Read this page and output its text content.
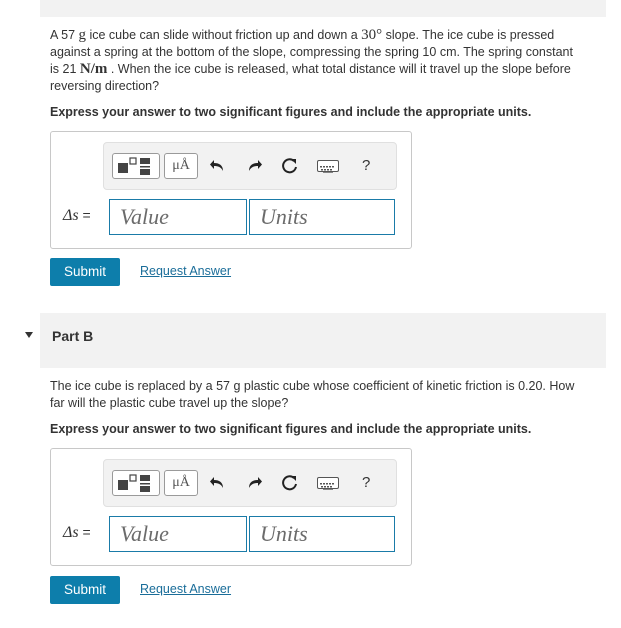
A 57 g ice cube can slide without friction up and down a 30° slope. The ice cube is pressed
against a spring at the bottom of the slope, compressing the spring 10 cm. The spring constant
is 21 N/m . When the ice cube is released, what total distance will it travel up the slope before
reversing direction?
Express your answer to two significant figures and include the appropriate units.
μÅ	?
Δs =	Value	Units
Submit	Request Answer
Part B
The ice cube is replaced by a 57 g plastic cube whose coefficient of kinetic friction is 0.20. How
far will the plastic cube travel up the slope?
Express your answer to two significant figures and include the appropriate units.
μÅ	?
Δs =	Value	Units
Submit	Request Answer
